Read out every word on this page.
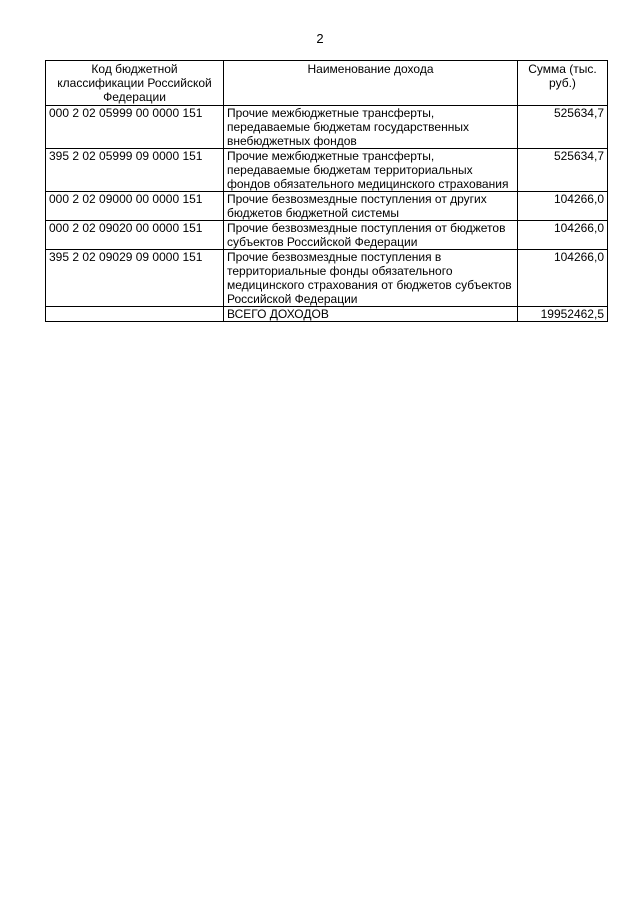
2
Код бюджетной классификации Российской Федерации	Наименование дохода	Сумма (тыс. руб.)
000 2 02 05999 00 0000 151	Прочие межбюджетные трансферты, передаваемые бюджетам государственных внебюджетных фондов	525634,7
395 2 02 05999 09 0000 151	Прочие межбюджетные трансферты, передаваемые бюджетам территориальных фондов обязательного медицинского страхования	525634,7
000 2 02 09000 00 0000 151	Прочие безвозмездные поступления от других бюджетов бюджетной системы	104266,0
000 2 02 09020 00 0000 151	Прочие безвозмездные поступления от бюджетов субъектов Российской Федерации	104266,0
395 2 02 09029 09 0000 151	Прочие безвозмездные поступления в территориальные фонды обязательного медицинского страхования от бюджетов субъектов Российской Федерации	104266,0
	ВСЕГО ДОХОДОВ	19952462,5
